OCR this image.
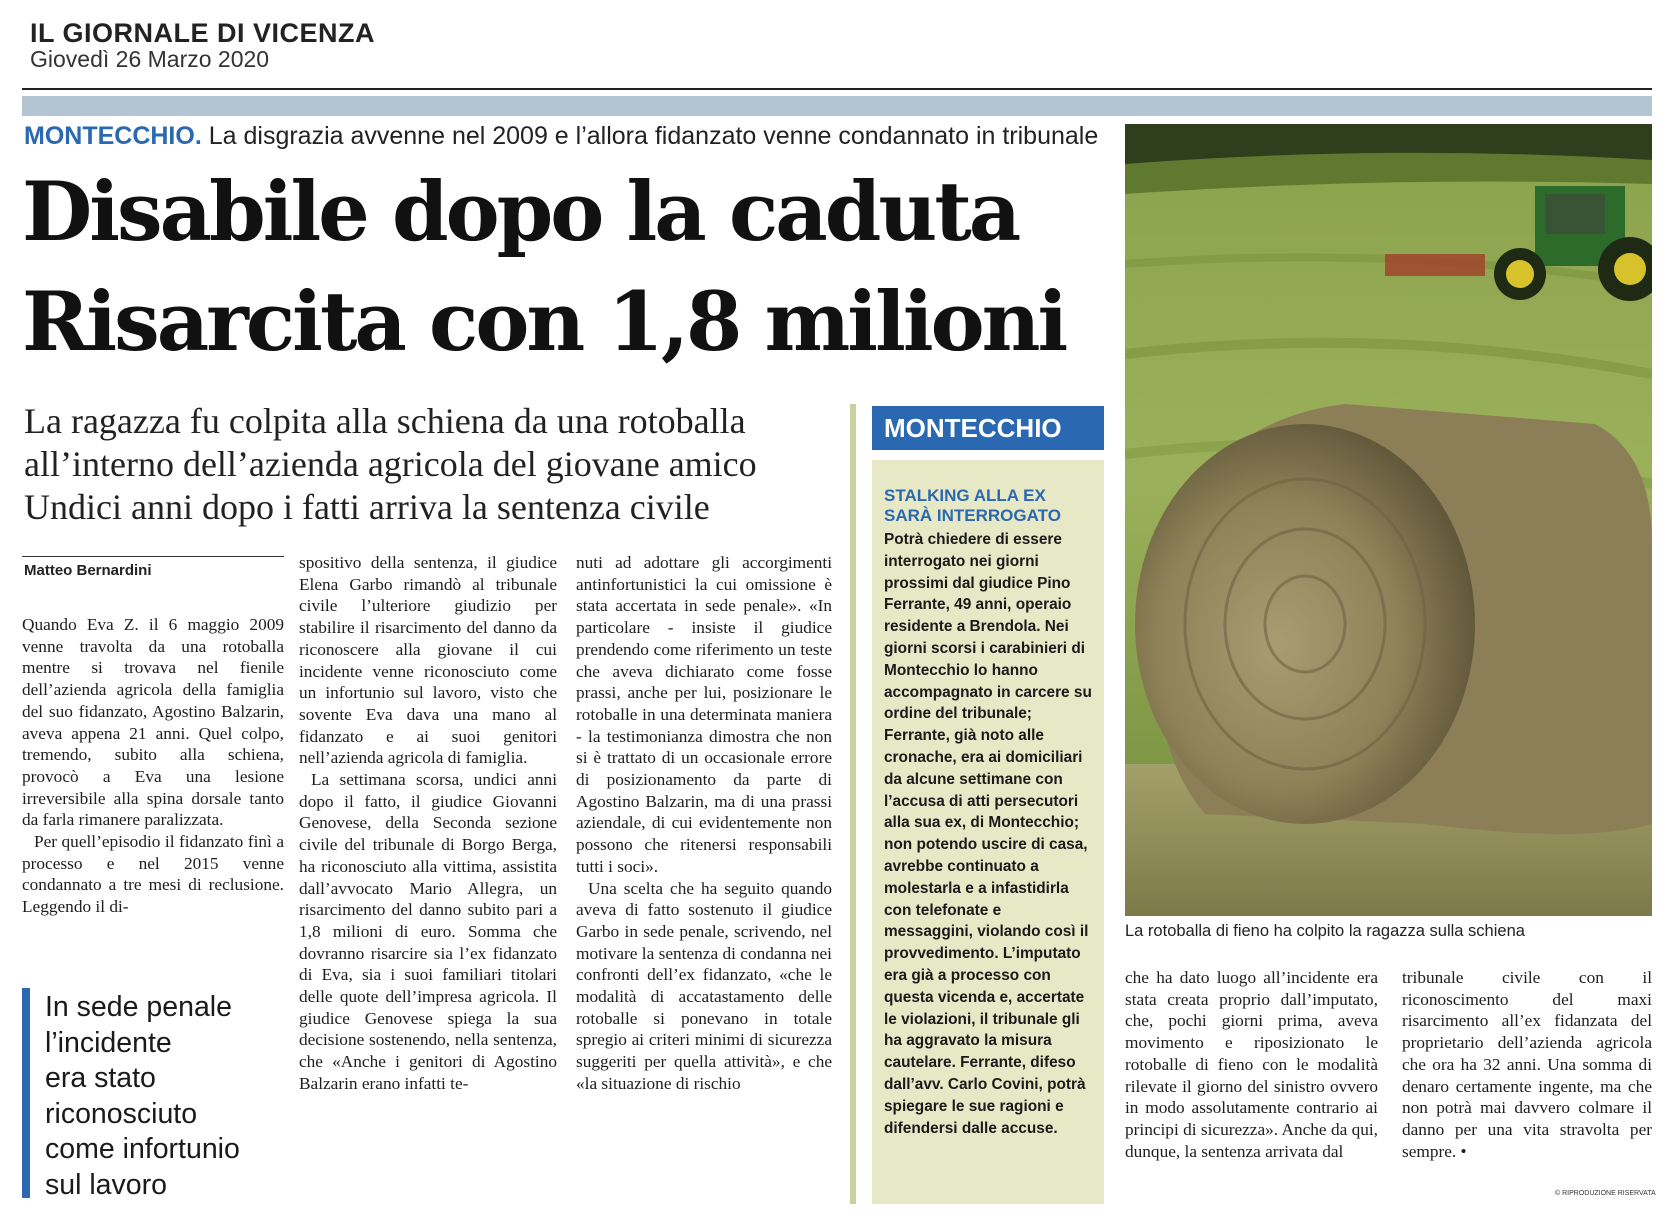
IL GIORNALE DI VICENZA
Giovedì 26 Marzo 2020
MONTECCHIO. La disgrazia avvenne nel 2009 e l’allora fidanzato venne condannato in tribunale
Disabile dopo la caduta
Risarcita con 1,8 milioni
La ragazza fu colpita alla schiena da una rotoballa
all’interno dell’azienda agricola del giovane amico
Undici anni dopo i fatti arriva la sentenza civile
Matteo Bernardini

Quando Eva Z. il 6 maggio 2009 venne travolta da una rotoballa mentre si trovava nel fienile dell’azienda agricola della famiglia del suo fidanzato, Agostino Balzarin, aveva appena 21 anni. Quel colpo, tremendo, subito alla schiena, provocò a Eva una lesione irreversibile alla spina dorsale tanto da farla rimanere paralizzata.

Per quell’episodio il fidanzato finì a processo e nel 2015 venne condannato a tre mesi di reclusione. Leggendo il di-

In sede penale
l’incidente
era stato
riconosciuto
come infortunio
sul lavoro

spositivo della sentenza, il giudice Elena Garbo rimandò al tribunale civile l’ulteriore giudizio per stabilire il risarcimento del danno da riconoscere alla giovane il cui incidente venne riconosciuto come un infortunio sul lavoro, visto che sovente Eva dava una mano al fidanzato e ai suoi genitori nell’azienda agricola di famiglia.

La settimana scorsa, undici anni dopo il fatto, il giudice Giovanni Genovese, della Seconda sezione civile del tribunale di Borgo Berga, ha riconosciuto alla vittima, assistita dall’avvocato Mario Allegra, un risarcimento del danno subito pari a 1,8 milioni di euro. Somma che dovranno risarcire sia l’ex fidanzato di Eva, sia i suoi familiari titolari delle quote dell’impresa agricola. Il giudice Genovese spiega la sua decisione sostenendo, nella sentenza, che «Anche i genitori di Agostino Balzarin erano infatti te-

nuti ad adottare gli accorgimenti antinfortunistici la cui omissione è stata accertata in sede penale». «In particolare - insiste il giudice prendendo come riferimento un teste che aveva dichiarato come fosse prassi, anche per lui, posizionare le rotoballe in una determinata maniera - la testimonianza dimostra che non si è trattato di un occasionale errore di posizionamento da parte di Agostino Balzarin, ma di una prassi aziendale, di cui evidentemente non possono che ritenersi responsabili tutti i soci».

Una scelta che ha seguito quando aveva di fatto sostenuto il giudice Garbo in sede penale, scrivendo, nel motivare la sentenza di condanna nei confronti dell’ex fidanzato, «che le modalità di accatastamento delle rotoballe si ponevano in totale spregio ai criteri minimi di sicurezza suggeriti per quella attività», e che «la situazione di rischio

MONTECCHIO
STALKING ALLA EX
SARÀ INTERROGATO
Potrà chiedere di essere interrogato nei giorni prossimi dal giudice Pino Ferrante, 49 anni, operaio residente a Brendola. Nei giorni scorsi i carabinieri di Montecchio lo hanno accompagnato in carcere su ordine del tribunale; Ferrante, già noto alle cronache, era ai domiciliari da alcune settimane con l’accusa di atti persecutori alla sua ex, di Montecchio; non potendo uscire di casa, avrebbe continuato a molestarla e a infastidirla con telefonate e messaggini, violando così il provvedimento. L’imputato era già a processo con questa vicenda e, accertate le violazioni, il tribunale gli ha aggravato la misura cautelare. Ferrante, difeso dall’avv. Carlo Covini, potrà spiegare le sue ragioni e difendersi dalle accuse.
La rotoballa di fieno ha colpito la ragazza sulla schiena

che ha dato luogo all’incidente era stata creata proprio dall’imputato, che, pochi giorni prima, aveva movimento e riposizionato le rotoballe di fieno con le modalità rilevate il giorno del sinistro ovvero in modo assolutamente contrario ai principi di sicurezza». Anche da qui, dunque, la sentenza arrivata dal

tribunale civile con il riconoscimento del maxi risarcimento all’ex fidanzata del proprietario dell’azienda agricola che ora ha 32 anni. Una somma di denaro certamente ingente, ma che non potrà mai davvero colmare il danno per una vita stravolta per sempre. •

© RIPRODUZIONE RISERVATA
